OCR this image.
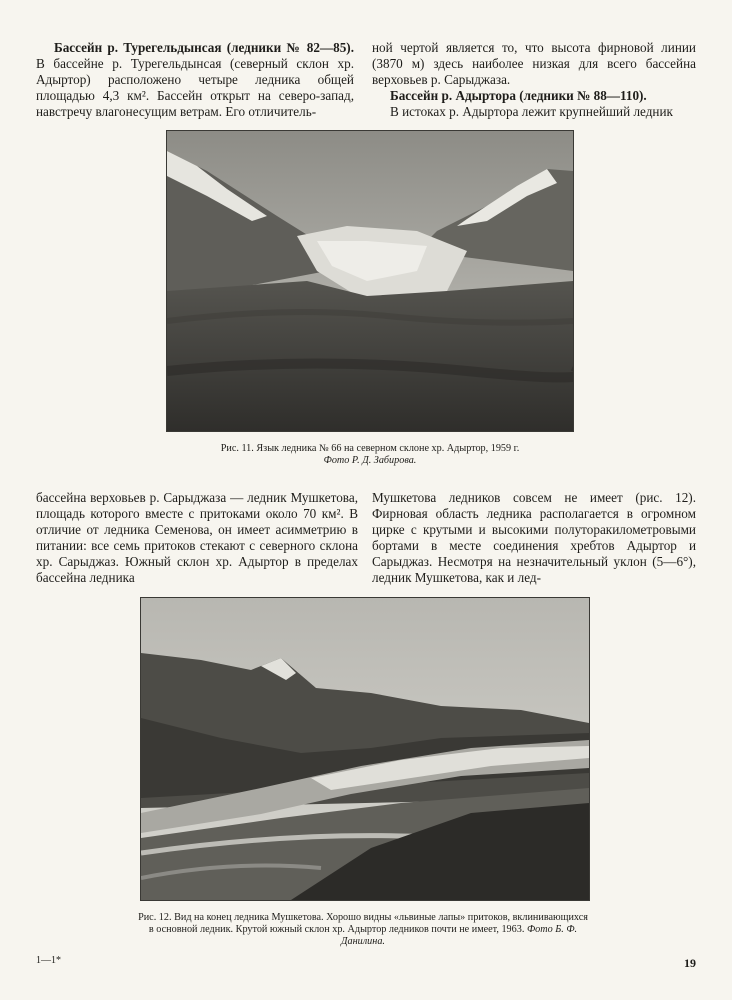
Бассейн р. Турегельдынсая (ледники № 82—85). В бассейне р. Турегельдынсая (северный склон хр. Адыртор) расположено четыре ледника общей площадью 4,3 км². Бассейн открыт на северо-запад, навстречу влагонесущим ветрам. Его отличитель-

ной чертой является то, что высота фирновой линии (3870 м) здесь наиболее низкая для всего бассейна верховьев р. Сарыджаза.

Бассейн р. Адыртора (ледники № 88—110).

В истоках р. Адыртора лежит крупнейший ледник

Рис. 11. Язык ледника № 66 на северном склоне хр. Адыртор, 1959 г.
Фото Р. Д. Забирова.

бассейна верховьев р. Сарыджаза — ледник Мушкетова, площадь которого вместе с притоками около 70 км². В отличие от ледника Семенова, он имеет асимметрию в питании: все семь притоков стекают с северного склона хр. Сарыджаз. Южный склон хр. Адыртор в пределах бассейна ледника

Мушкетова ледников совсем не имеет (рис. 12). Фирновая область ледника располагается в огромном цирке с крутыми и высокими полуторакилометровыми бортами в месте соединения хребтов Адыртор и Сарыджаз. Несмотря на незначительный уклон (5—6°), ледник Мушкетова, как и лед-

Рис. 12. Вид на конец ледника Мушкетова. Хорошо видны «львиные лапы» притоков, вклинивающихся в основной ледник. Крутой южный склон хр. Адыртор ледников почти не имеет, 1963. Фото Б. Ф. Данилина.
1—1*	19
